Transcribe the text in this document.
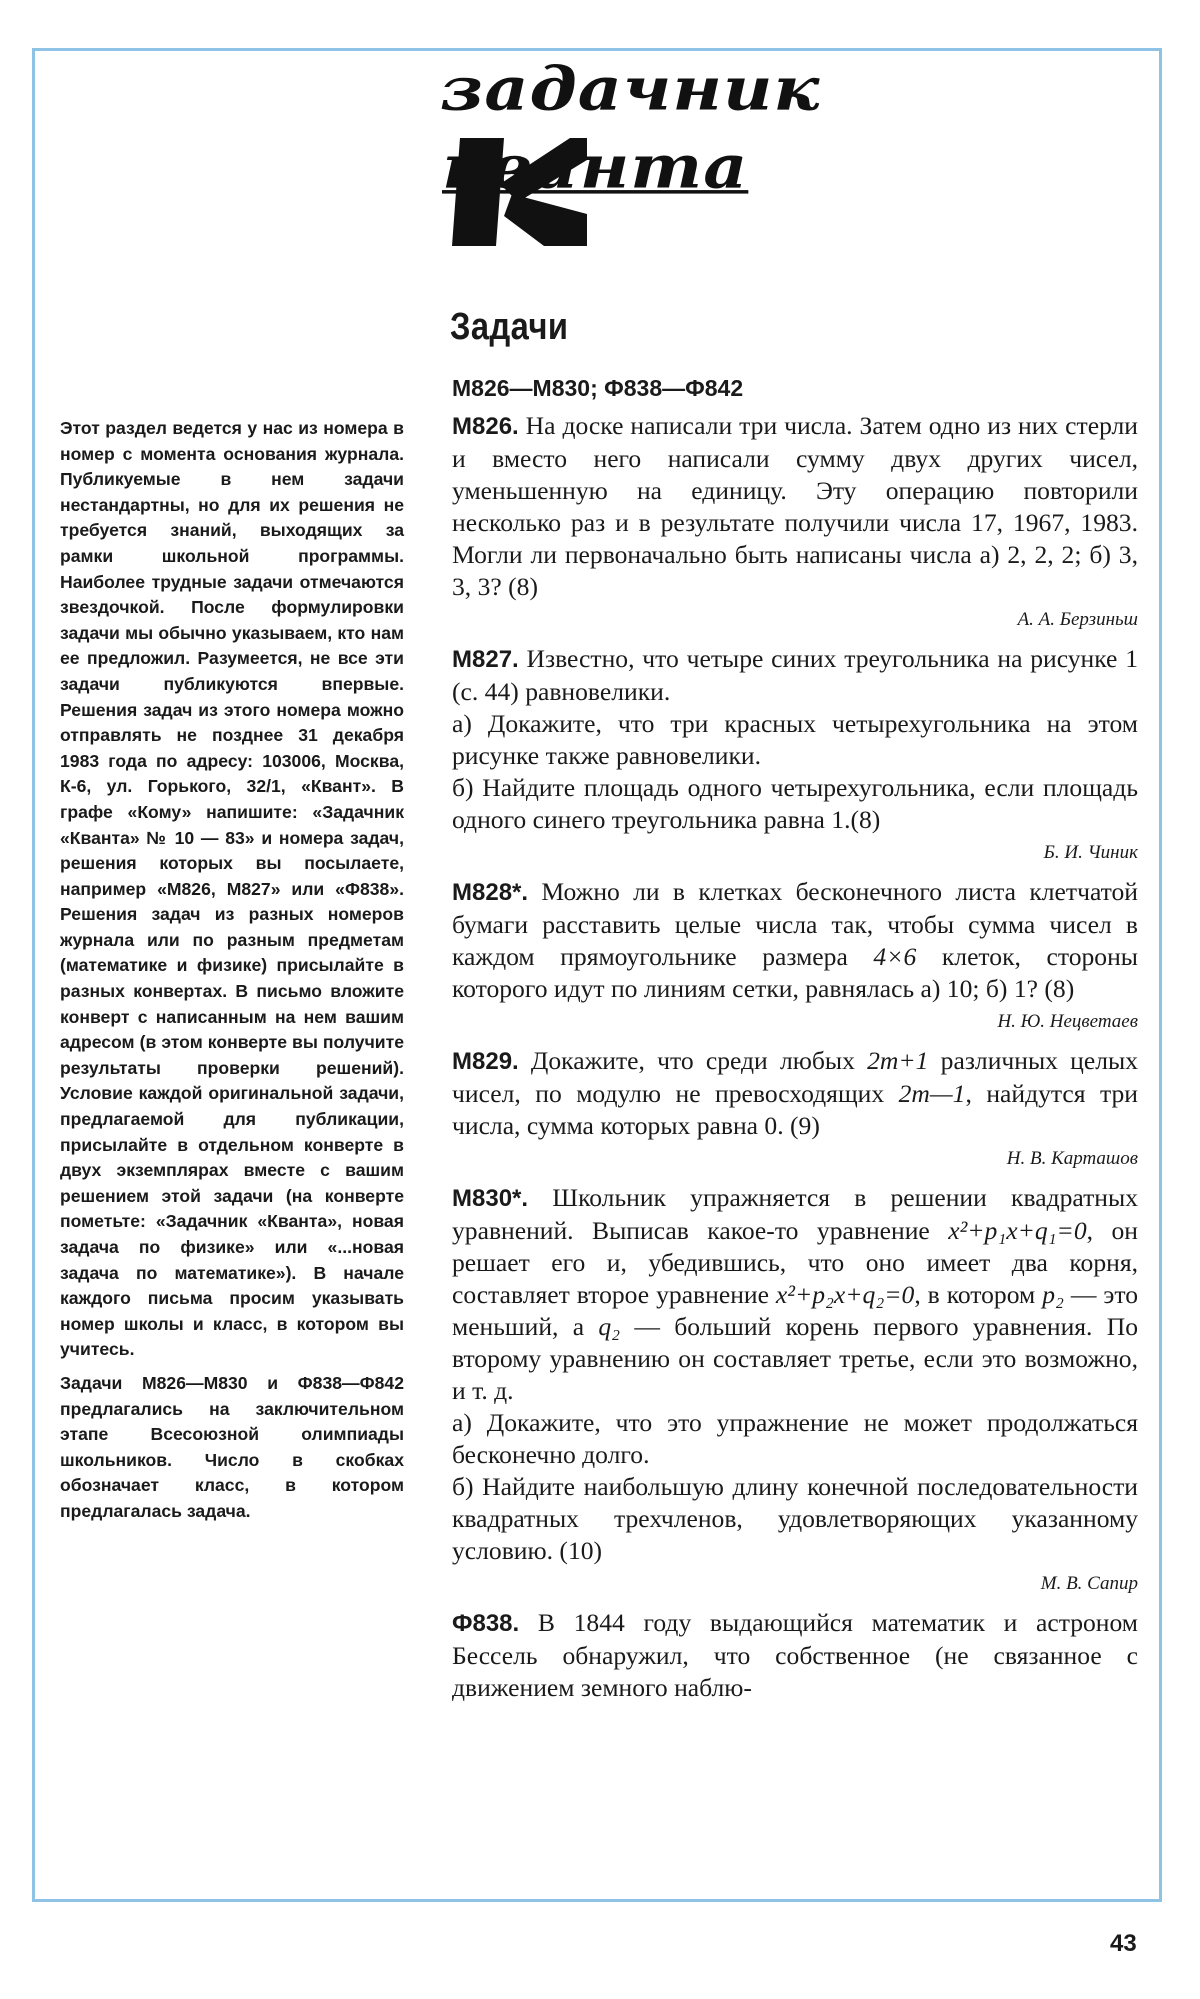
задачник
кванта

Этот раздел ведется у нас из номера в номер с момента основания журнала. Публикуемые в нем задачи нестандартны, но для их решения не требуется знаний, выходящих за рамки школьной программы. Наиболее трудные задачи отмечаются звездочкой. После формулировки задачи мы обычно указываем, кто нам ее предложил. Разумеется, не все эти задачи публикуются впервые. Решения задач из этого номера можно отправлять не позднее 31 декабря 1983 года по адресу: 103006, Москва, К-6, ул. Горького, 32/1, «Квант». В графе «Кому» напишите: «Задачник «Кванта» № 10 — 83» и номера задач, решения которых вы посылаете, например «М826, М827» или «Ф838». Решения задач из разных номеров журнала или по разным предметам (математике и физике) присылайте в разных конвертах. В письмо вложите конверт с написанным на нем вашим адресом (в этом конверте вы получите результаты проверки решений). Условие каждой оригинальной задачи, предлагаемой для публикации, присылайте в отдельном конверте в двух экземплярах вместе с вашим решением этой задачи (на конверте пометьте: «Задачник «Кванта», новая задача по физике» или «...новая задача по математике»). В начале каждого письма просим указывать номер школы и класс, в котором вы учитесь.

Задачи М826—М830 и Ф838—Ф842 предлагались на заключительном этапе Всесоюзной олимпиады школьников. Число в скобках обозначает класс, в котором предлагалась задача.

Задачи
М826—М830; Ф838—Ф842

М826. На доске написали три числа. Затем одно из них стерли и вместо него написали сумму двух других чисел, уменьшенную на единицу. Эту операцию повторили несколько раз и в результате получили числа 17, 1967, 1983. Могли ли первоначально быть написаны числа а) 2, 2, 2; б) 3, 3, 3? (8)

А. А. Берзиньш

М827. Известно, что четыре синих треугольника на рисунке 1 (с. 44) равновелики.

а) Докажите, что три красных четырехугольника на этом рисунке также равновелики.

б) Найдите площадь одного четырехугольника, если площадь одного синего треугольника равна 1.(8)

Б. И. Чиник

М828*. Можно ли в клетках бесконечного листа клетчатой бумаги расставить целые числа так, чтобы сумма чисел в каждом прямоугольнике размера 4×6 клеток, стороны которого идут по линиям сетки, равнялась а) 10; б) 1? (8)

Н. Ю. Нецветаев

М829. Докажите, что среди любых 2m+1 различных целых чисел, по модулю не превосходящих 2m—1, найдутся три числа, сумма которых равна 0. (9)

Н. В. Карташов

М830*. Школьник упражняется в решении квадратных уравнений. Выписав какое-то уравнение x²+p₁x+q₁=0, он решает его и, убедившись, что оно имеет два корня, составляет второе уравнение x²+p₂x+q₂=0, в котором p₂ — это меньший, а q₂ — больший корень первого уравнения. По второму уравнению он составляет третье, если это возможно, и т. д.

а) Докажите, что это упражнение не может продолжаться бесконечно долго.

б) Найдите наибольшую длину конечной последовательности квадратных трехчленов, удовлетворяющих указанному условию. (10)

М. В. Сапир

Ф838. В 1844 году выдающийся математик и астроном Бессель обнаружил, что собственное (не связанное с движением земного наблю-

43
